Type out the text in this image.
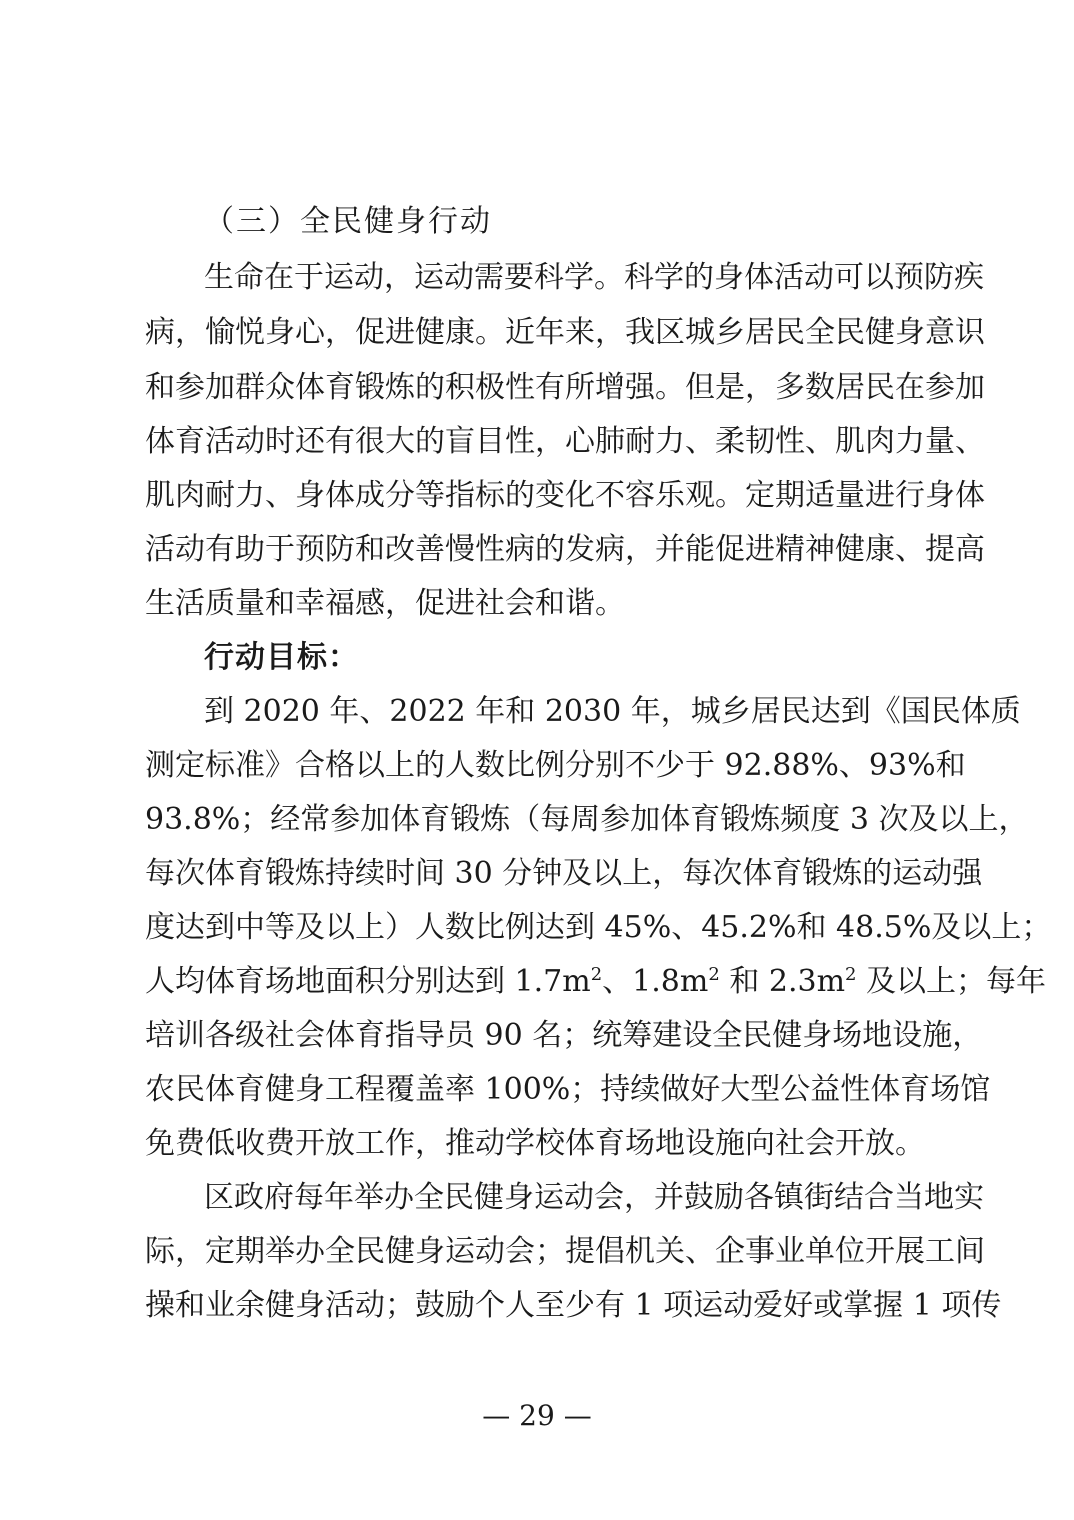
（三）全民健身行动
生命在于运动，运动需要科学。科学的身体活动可以预防疾
病，愉悦身心，促进健康。近年来，我区城乡居民全民健身意识
和参加群众体育锻炼的积极性有所增强。但是，多数居民在参加
体育活动时还有很大的盲目性，心肺耐力、柔韧性、肌肉力量、
肌肉耐力、身体成分等指标的变化不容乐观。定期适量进行身体
活动有助于预防和改善慢性病的发病，并能促进精神健康、提高
生活质量和幸福感，促进社会和谐。
行动目标：
到 2020 年、2022 年和 2030 年，城乡居民达到《国民体质
测定标准》合格以上的人数比例分别不少于 92.88%、93%和
93.8%；经常参加体育锻炼（每周参加体育锻炼频度 3 次及以上，
每次体育锻炼持续时间 30 分钟及以上，每次体育锻炼的运动强
度达到中等及以上）人数比例达到 45%、45.2%和 48.5%及以上；
人均体育场地面积分别达到 $1.7m^2$、$1.8m^2$ 和 $2.3m^2$ 及以上；每年
培训各级社会体育指导员 90 名；统筹建设全民健身场地设施，
农民体育健身工程覆盖率 100%；持续做好大型公益性体育场馆
免费低收费开放工作，推动学校体育场地设施向社会开放。
区政府每年举办全民健身运动会，并鼓励各镇街结合当地实
际，定期举办全民健身运动会；提倡机关、企事业单位开展工间
操和业余健身活动；鼓励个人至少有 1 项运动爱好或掌握 1 项传
— 29 —
